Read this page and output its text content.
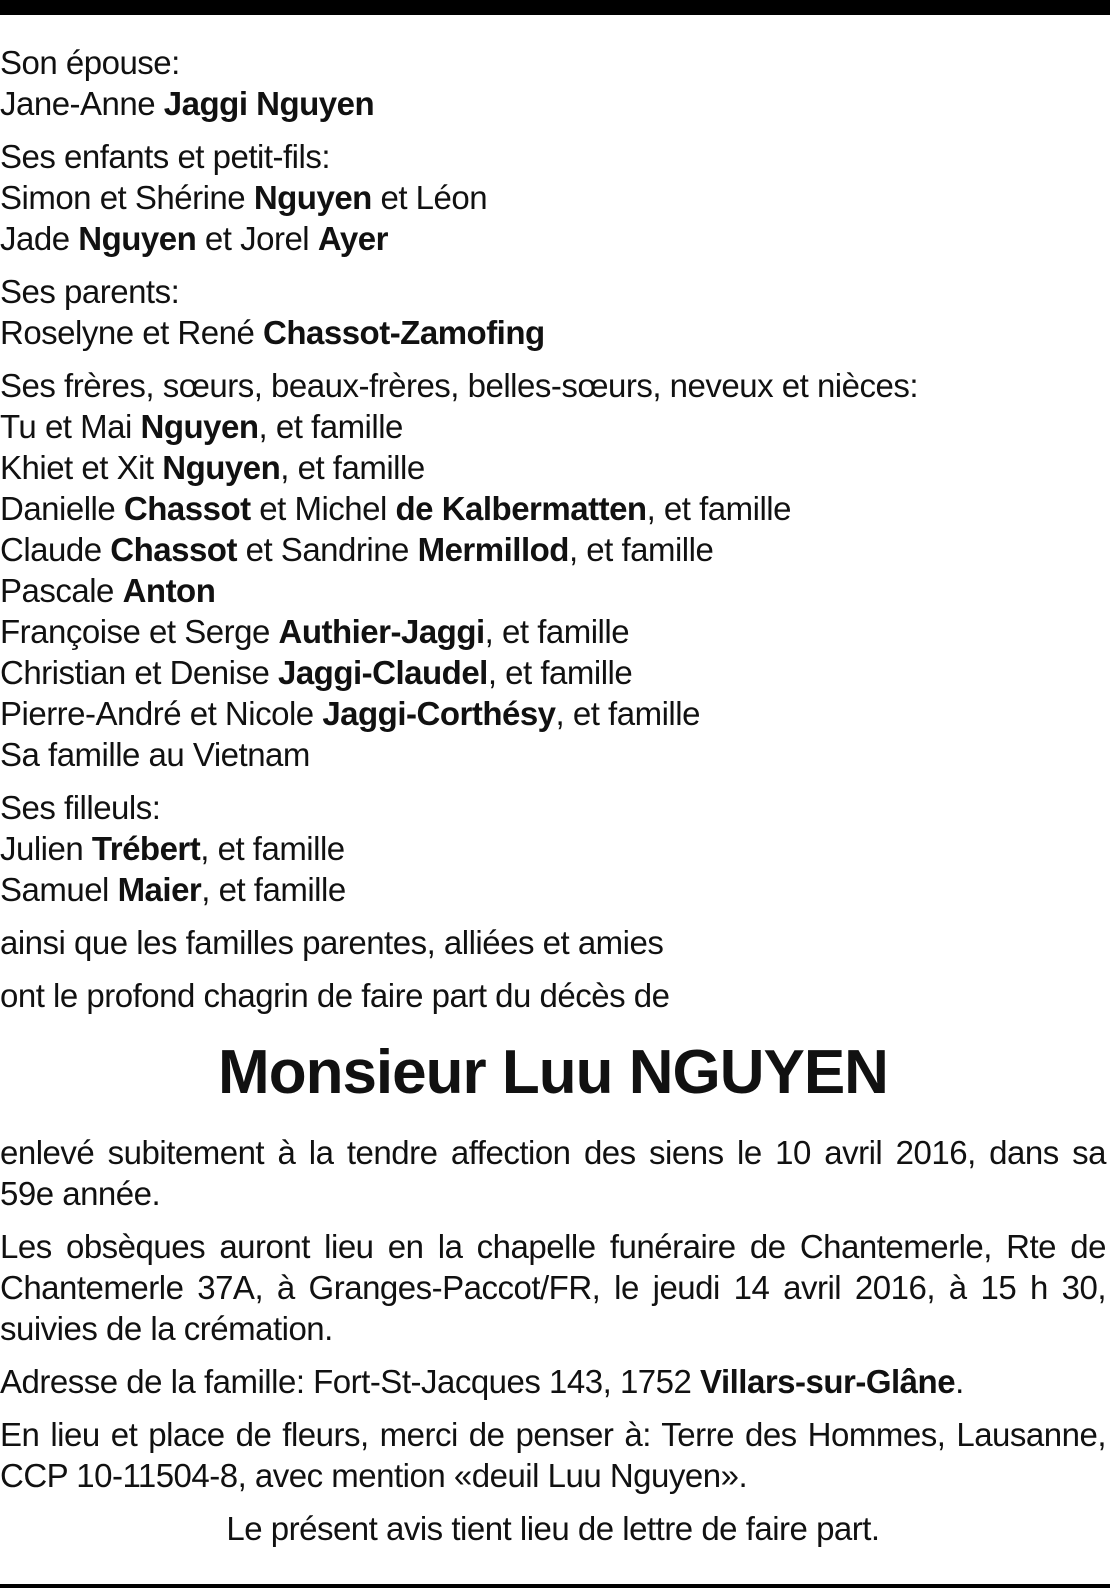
Son épouse:
Jane-Anne Jaggi Nguyen
Ses enfants et petit-fils:
Simon et Shérine Nguyen et Léon
Jade Nguyen et Jorel Ayer
Ses parents:
Roselyne et René Chassot-Zamofing
Ses frères, sœurs, beaux-frères, belles-sœurs, neveux et nièces:
Tu et Mai Nguyen, et famille
Khiet et Xit Nguyen, et famille
Danielle Chassot et Michel de Kalbermatten, et famille
Claude Chassot et Sandrine Mermillod, et famille
Pascale Anton
Françoise et Serge Authier-Jaggi, et famille
Christian et Denise Jaggi-Claudel, et famille
Pierre-André et Nicole Jaggi-Corthésy, et famille
Sa famille au Vietnam
Ses filleuls:
Julien Trébert, et famille
Samuel Maier, et famille
ainsi que les familles parentes, alliées et amies
ont le profond chagrin de faire part du décès de
Monsieur Luu NGUYEN
enlevé subitement à la tendre affection des siens le 10 avril 2016, dans sa 59e année.
Les obsèques auront lieu en la chapelle funéraire de Chantemerle, Rte de Chantemerle 37A, à Granges-Paccot/FR, le jeudi 14 avril 2016, à 15 h 30, suivies de la crémation.
Adresse de la famille: Fort-St-Jacques 143, 1752 Villars-sur-Glâne.
En lieu et place de fleurs, merci de penser à: Terre des Hommes, Lausanne, CCP 10-11504-8, avec mention «deuil Luu Nguyen».
Le présent avis tient lieu de lettre de faire part.
